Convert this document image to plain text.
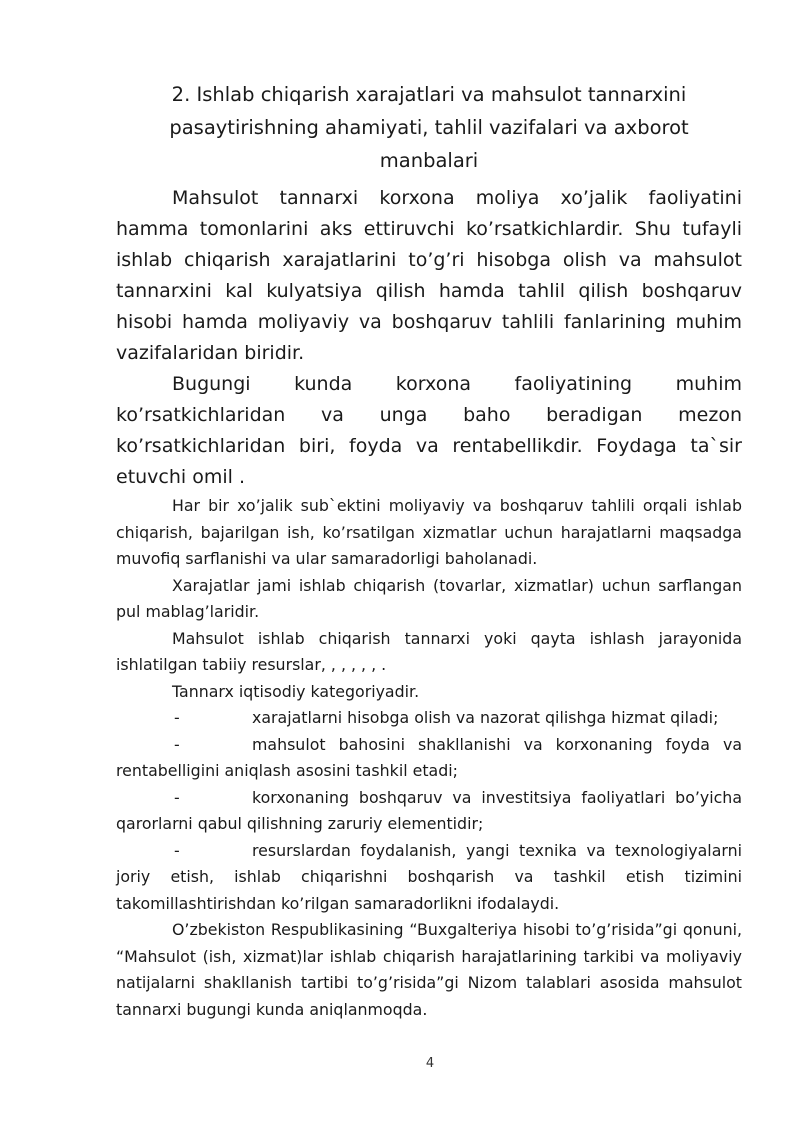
2. Ishlab chiqarish xarajatlari va mahsulot tannarxini pasaytirishning ahamiyati, tahlil vazifalari va axborot manbalari

Mahsulot tannarxi korxona moliya xo’jalik faoliyatini hamma tomonlarini aks ettiruvchi ko’rsatkichlardir. Shu tufayli ishlab chiqarish xarajatlarini to’g’ri hisobga olish va mahsulot tannarxini kal kulyatsiya qilish hamda tahlil qilish boshqaruv hisobi hamda moliyaviy va boshqaruv tahlili fanlarining muhim vazifalaridan biridir.

Bugungi kunda korxona faoliyatining muhim ko’rsatkichlaridan va unga baho beradigan mezon ko’rsatkichlaridan biri, foyda va rentabellikdir. Foydaga ta`sir etuvchi omil .

Har bir xo’jalik sub`ektini moliyaviy va boshqaruv tahlili orqali ishlab chiqarish, bajarilgan ish, ko’rsatilgan xizmatlar uchun harajatlarni maqsadga muvofiq sarflanishi va ular samaradorligi baholanadi.

Xarajatlar jami ishlab chiqarish (tovarlar, xizmatlar) uchun sarflangan pul mablag’laridir.

Mahsulot ishlab chiqarish tannarxi yoki qayta ishlash jarayonida ishlatilgan tabiiy resurslar, , , , , , .

Tannarx iqtisodiy kategoriyadir.

-	xarajatlarni hisobga olish va nazorat qilishga hizmat qiladi;

-	mahsulot bahosini shakllanishi va korxonaning foyda va rentabelligini aniqlash asosini tashkil etadi;

-	korxonaning boshqaruv va investitsiya faoliyatlari bo’yicha qarorlarni qabul qilishning zaruriy elementidir;

-	resurslardan foydalanish, yangi texnika va texnologiyalarni joriy etish, ishlab chiqarishni boshqarish va tashkil etish tizimini takomillashtirishdan ko’rilgan samaradorlikni ifodalaydi.

O’zbekiston Respublikasining “Buxgalteriya hisobi to’g’risida”gi qonuni, “Mahsulot (ish, xizmat)lar ishlab chiqarish harajatlarining tarkibi va moliyaviy natijalarni shakllanish tartibi to’g’risida”gi Nizom talablari asosida mahsulot tannarxi bugungi kunda aniqlanmoqda.

4
